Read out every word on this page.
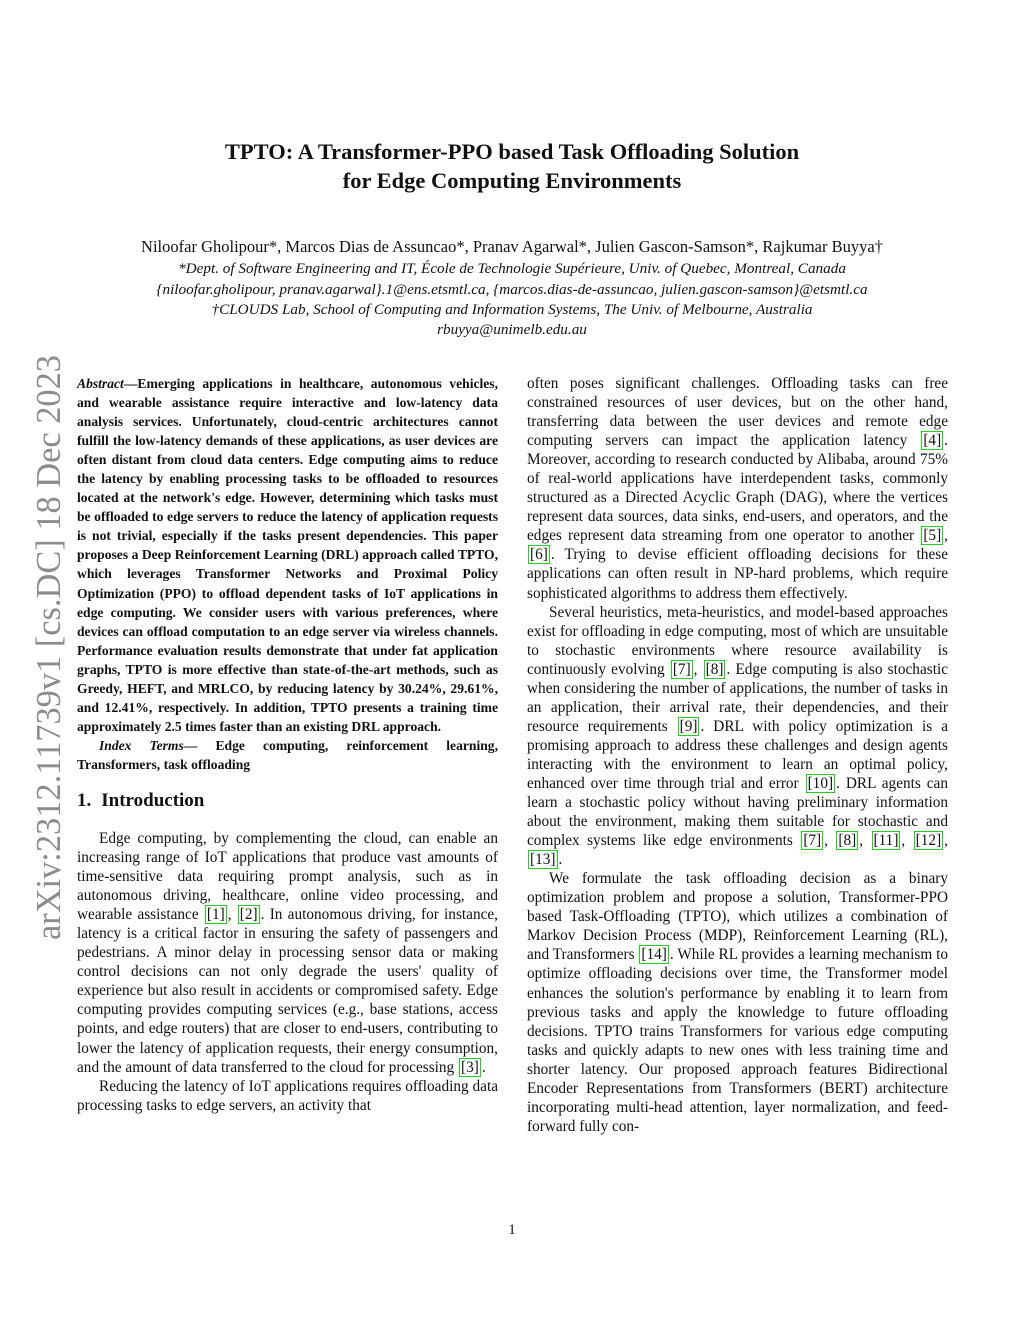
arXiv:2312.11739v1 [cs.DC] 18 Dec 2023
TPTO: A Transformer-PPO based Task Offloading Solution
for Edge Computing Environments
Niloofar Gholipour*, Marcos Dias de Assuncao*, Pranav Agarwal*, Julien Gascon-Samson*, Rajkumar Buyya†
*Dept. of Software Engineering and IT, École de Technologie Supérieure, Univ. of Quebec, Montreal, Canada
{niloofar.gholipour, pranav.agarwal}.1@ens.etsmtl.ca, {marcos.dias-de-assuncao, julien.gascon-samson}@etsmtl.ca
†CLOUDS Lab, School of Computing and Information Systems, The Univ. of Melbourne, Australia
rbuyya@unimelb.edu.au

Abstract—Emerging applications in healthcare, autonomous vehicles, and wearable assistance require interactive and low-latency data analysis services. Unfortunately, cloud-centric architectures cannot fulfill the low-latency demands of these applications, as user devices are often distant from cloud data centers. Edge computing aims to reduce the latency by enabling processing tasks to be offloaded to resources located at the network's edge. However, determining which tasks must be offloaded to edge servers to reduce the latency of application requests is not trivial, especially if the tasks present dependencies. This paper proposes a Deep Reinforcement Learning (DRL) approach called TPTO, which leverages Transformer Networks and Proximal Policy Optimization (PPO) to offload dependent tasks of IoT applications in edge computing. We consider users with various preferences, where devices can offload computation to an edge server via wireless channels. Performance evaluation results demonstrate that under fat application graphs, TPTO is more effective than state-of-the-art methods, such as Greedy, HEFT, and MRLCO, by reducing latency by 30.24%, 29.61%, and 12.41%, respectively. In addition, TPTO presents a training time approximately 2.5 times faster than an existing DRL approach.

Index Terms— Edge computing, reinforcement learning, Transformers, task offloading

1. Introduction

Edge computing, by complementing the cloud, can enable an increasing range of IoT applications that produce vast amounts of time-sensitive data requiring prompt analysis, such as in autonomous driving, healthcare, online video processing, and wearable assistance [1] , [2] . In autonomous driving, for instance, latency is a critical factor in ensuring the safety of passengers and pedestrians. A minor delay in processing sensor data or making control decisions can not only degrade the users' quality of experience but also result in accidents or compromised safety. Edge computing provides computing services (e.g., base stations, access points, and edge routers) that are closer to end-users, contributing to lower the latency of application requests, their energy consumption, and the amount of data transferred to the cloud for processing [3] .

Reducing the latency of IoT applications requires offloading data processing tasks to edge servers, an activity that

often poses significant challenges. Offloading tasks can free constrained resources of user devices, but on the other hand, transferring data between the user devices and remote edge computing servers can impact the application latency [4] . Moreover, according to research conducted by Alibaba, around 75% of real-world applications have interdependent tasks, commonly structured as a Directed Acyclic Graph (DAG), where the vertices represent data sources, data sinks, end-users, and operators, and the edges represent data streaming from one operator to another [5] , [6] . Trying to devise efficient offloading decisions for these applications can often result in NP-hard problems, which require sophisticated algorithms to address them effectively.

Several heuristics, meta-heuristics, and model-based approaches exist for offloading in edge computing, most of which are unsuitable to stochastic environments where resource availability is continuously evolving [7] , [8] . Edge computing is also stochastic when considering the number of applications, the number of tasks in an application, their arrival rate, their dependencies, and their resource requirements [9] . DRL with policy optimization is a promising approach to address these challenges and design agents interacting with the environment to learn an optimal policy, enhanced over time through trial and error [10] . DRL agents can learn a stochastic policy without having preliminary information about the environment, making them suitable for stochastic and complex systems like edge environments [7] , [8] , [11] , [12] , [13] .

We formulate the task offloading decision as a binary optimization problem and propose a solution, Transformer-PPO based Task-Offloading (TPTO), which utilizes a combination of Markov Decision Process (MDP), Reinforcement Learning (RL), and Transformers [14] . While RL provides a learning mechanism to optimize offloading decisions over time, the Transformer model enhances the solution's performance by enabling it to learn from previous tasks and apply the knowledge to future offloading decisions. TPTO trains Transformers for various edge computing tasks and quickly adapts to new ones with less training time and shorter latency. Our proposed approach features Bidirectional Encoder Representations from Transformers (BERT) architecture incorporating multi-head attention, layer normalization, and feed-forward fully con-

1
